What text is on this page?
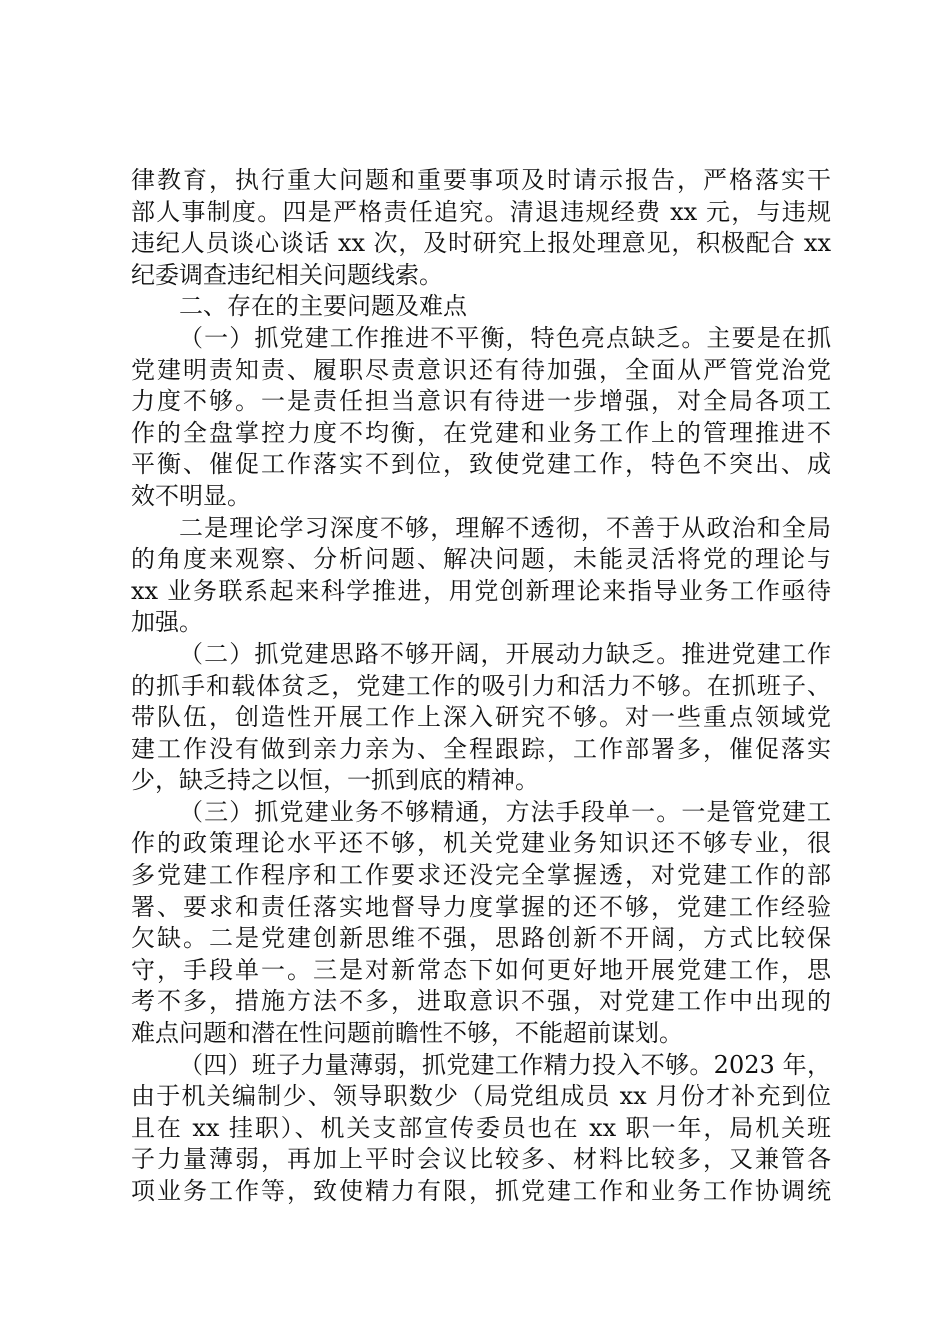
律教育，执行重大问题和重要事项及时请示报告，严格落实干
部人事制度。四是严格责任追究。清退违规经费 xx 元，与违规
违纪人员谈心谈话 xx 次，及时研究上报处理意见，积极配合 xx
纪委调查违纪相关问题线索。
二、存在的主要问题及难点
（一）抓党建工作推进不平衡，特色亮点缺乏。主要是在抓
党建明责知责、履职尽责意识还有待加强，全面从严管党治党
力度不够。一是责任担当意识有待进一步增强，对全局各项工
作的全盘掌控力度不均衡，在党建和业务工作上的管理推进不
平衡、催促工作落实不到位，致使党建工作，特色不突出、成
效不明显。
二是理论学习深度不够，理解不透彻，不善于从政治和全局
的角度来观察、分析问题、解决问题，未能灵活将党的理论与
xx 业务联系起来科学推进，用党创新理论来指导业务工作亟待
加强。
（二）抓党建思路不够开阔，开展动力缺乏。推进党建工作
的抓手和载体贫乏，党建工作的吸引力和活力不够。在抓班子、
带队伍，创造性开展工作上深入研究不够。对一些重点领域党
建工作没有做到亲力亲为、全程跟踪，工作部署多，催促落实
少，缺乏持之以恒，一抓到底的精神。
（三）抓党建业务不够精通，方法手段单一。一是管党建工
作的政策理论水平还不够，机关党建业务知识还不够专业，很
多党建工作程序和工作要求还没完全掌握透，对党建工作的部
署、要求和责任落实地督导力度掌握的还不够，党建工作经验
欠缺。二是党建创新思维不强，思路创新不开阔，方式比较保
守，手段单一。三是对新常态下如何更好地开展党建工作，思
考不多，措施方法不多，进取意识不强，对党建工作中出现的
难点问题和潜在性问题前瞻性不够，不能超前谋划。
（四）班子力量薄弱，抓党建工作精力投入不够。2023 年，
由于机关编制少、领导职数少（局党组成员 xx 月份才补充到位
且在 xx 挂职）、机关支部宣传委员也在 xx 职一年，局机关班
子力量薄弱，再加上平时会议比较多、材料比较多，又兼管各
项业务工作等，致使精力有限，抓党建工作和业务工作协调统
